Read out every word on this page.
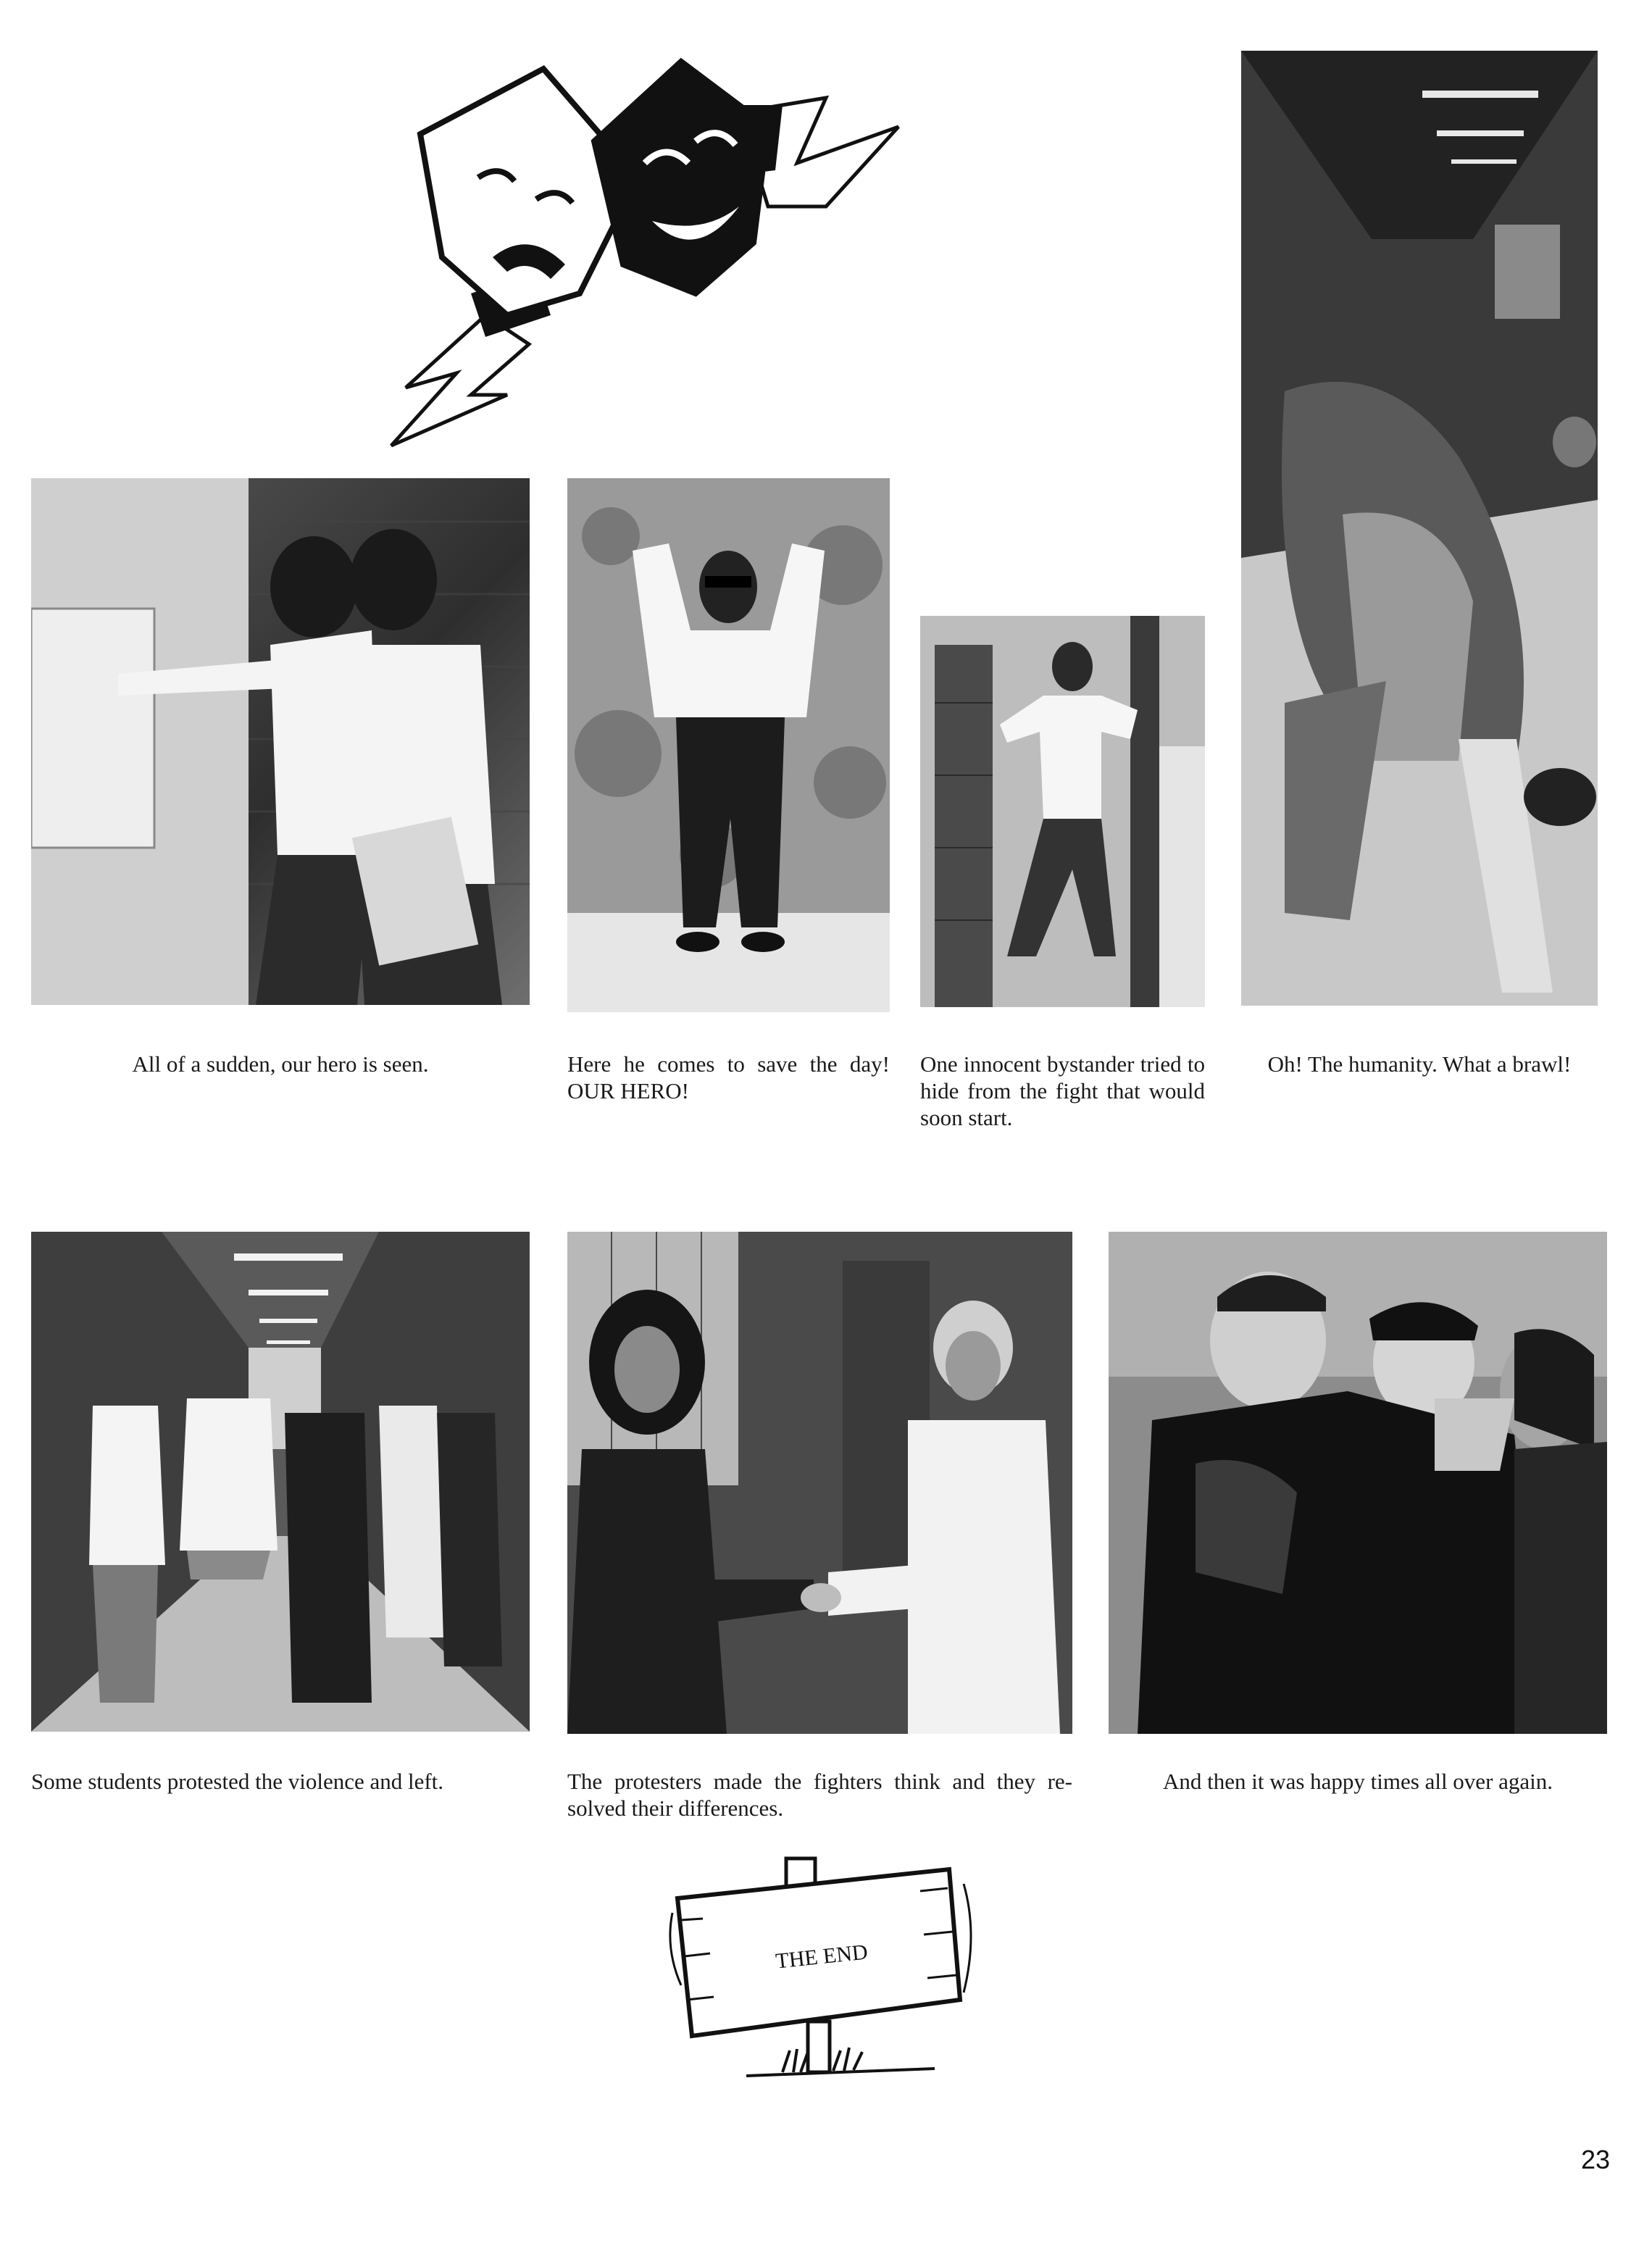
All of a sudden, our hero is seen.	Here he comes to save the day! OUR HERO!
One innocent bystander tried to hide from the fight that would soon start.
Oh! The humanity. What a brawl!
Some students protested the violence and left.	The protesters made the fighters think and they re-solved their differences.
And then it was happy times all over again.
THE END
23
